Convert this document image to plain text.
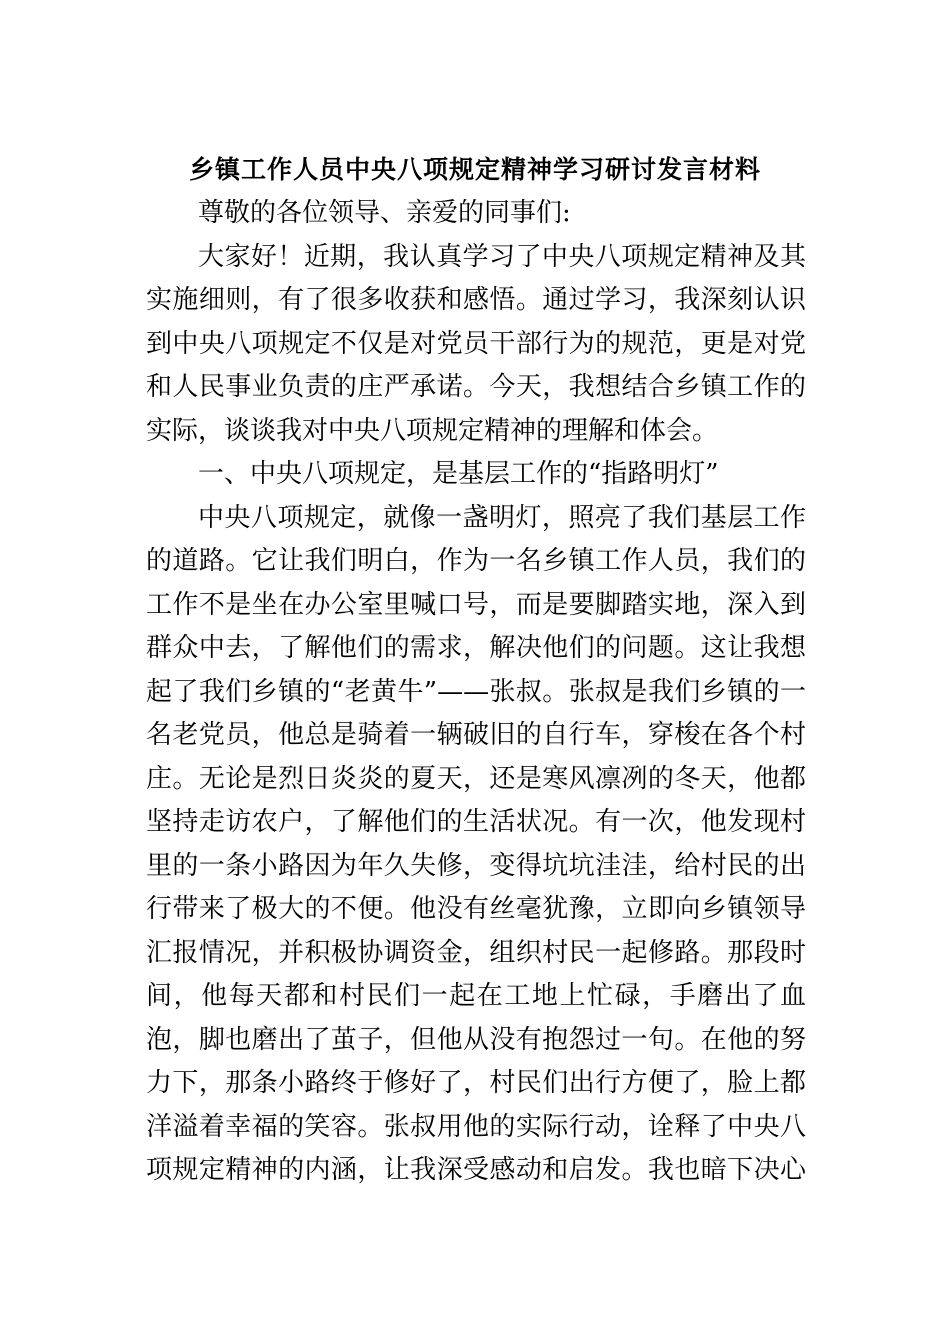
乡镇工作人员中央八项规定精神学习研讨发言材料

尊敬的各位领导、亲爱的同事们:

大家好！近期，我认真学习了中央八项规定精神及其实施细则，有了很多收获和感悟。通过学习，我深刻认识到中央八项规定不仅是对党员干部行为的规范，更是对党和人民事业负责的庄严承诺。今天，我想结合乡镇工作的实际，谈谈我对中央八项规定精神的理解和体会。

一、中央八项规定，是基层工作的“指路明灯”

中央八项规定，就像一盏明灯，照亮了我们基层工作的道路。它让我们明白，作为一名乡镇工作人员，我们的工作不是坐在办公室里喊口号，而是要脚踏实地，深入到群众中去，了解他们的需求，解决他们的问题。这让我想起了我们乡镇的“老黄牛”——张叔。张叔是我们乡镇的一名老党员，他总是骑着一辆破旧的自行车，穿梭在各个村庄。无论是烈日炎炎的夏天，还是寒风凛冽的冬天，他都坚持走访农户，了解他们的生活状况。有一次，他发现村里的一条小路因为年久失修，变得坑坑洼洼，给村民的出行带来了极大的不便。他没有丝毫犹豫，立即向乡镇领导汇报情况，并积极协调资金，组织村民一起修路。那段时间，他每天都和村民们一起在工地上忙碌，手磨出了血泡，脚也磨出了茧子，但他从没有抱怨过一句。在他的努力下，那条小路终于修好了，村民们出行方便了，脸上都洋溢着幸福的笑容。张叔用他的实际行动，诠释了中央八项规定精神的内涵，让我深受感动和启发。我也暗下决心
